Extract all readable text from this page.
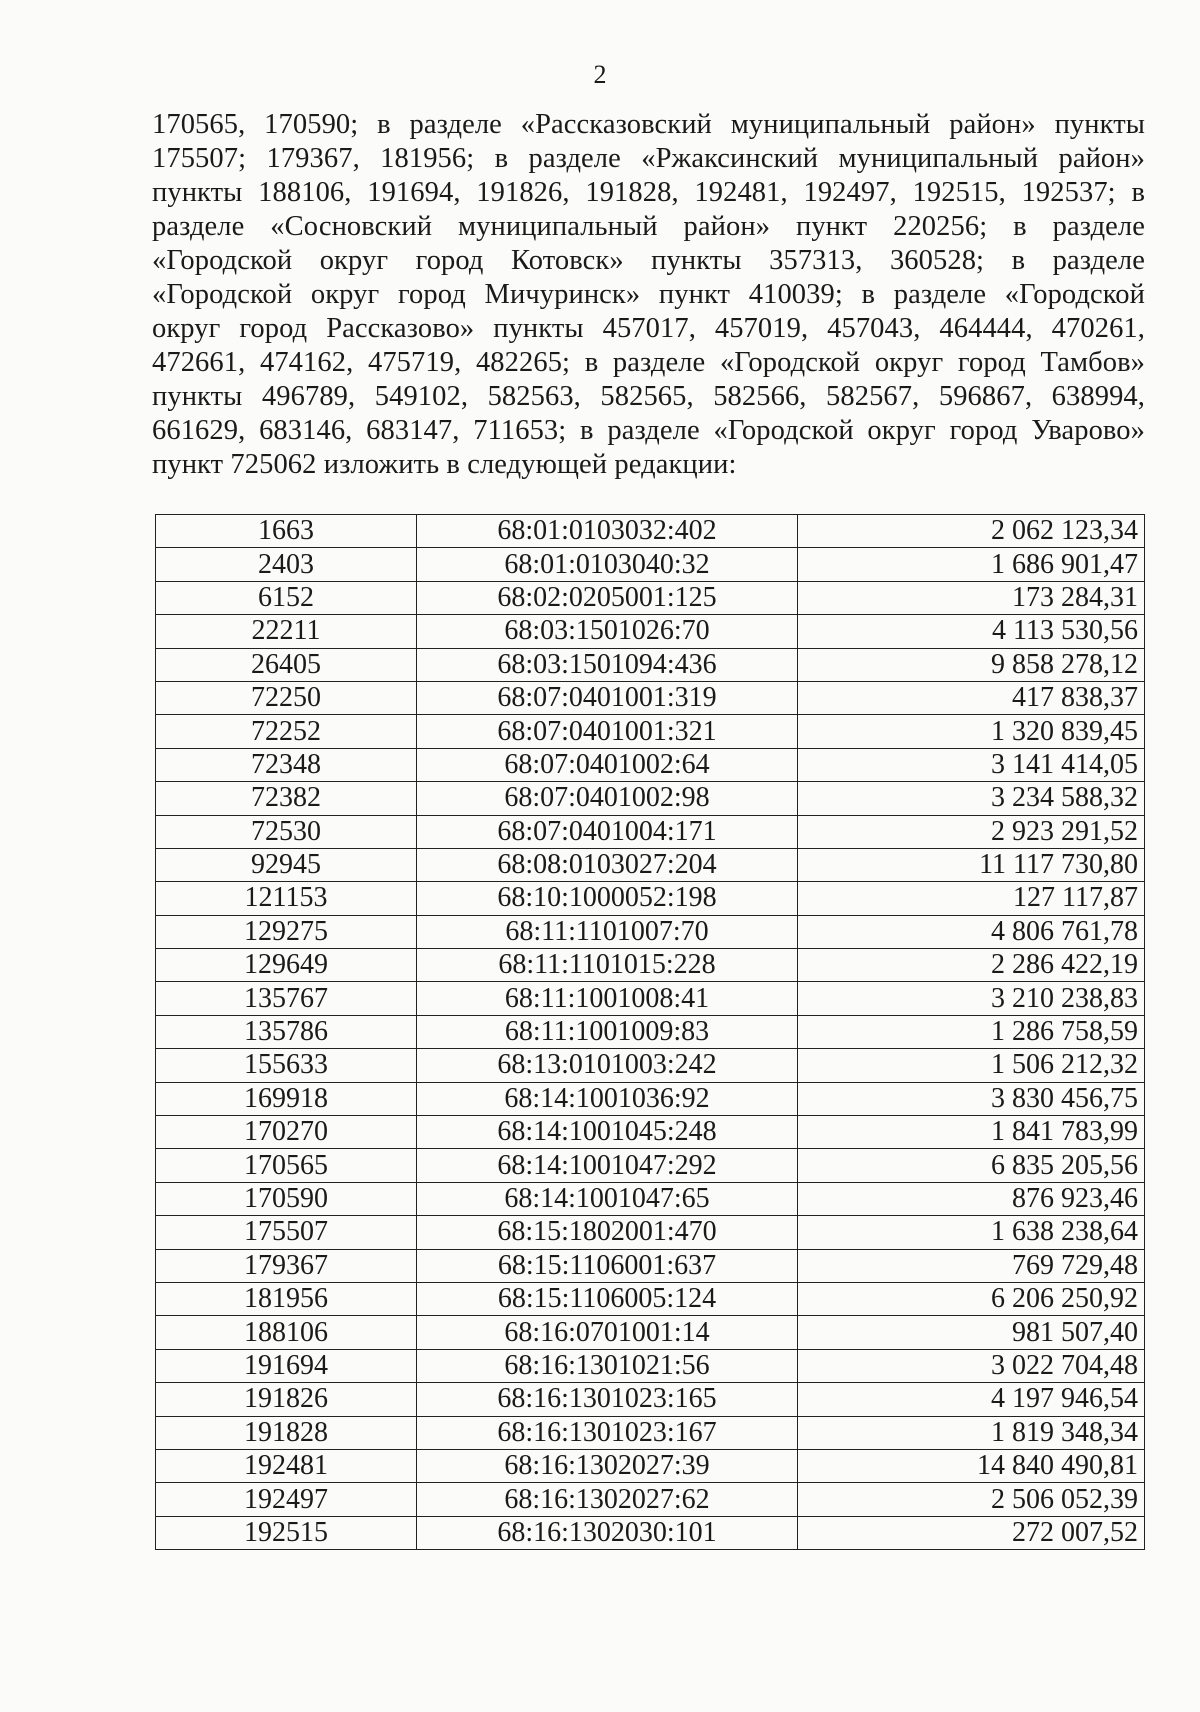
2
170565, 170590; в разделе «Рассказовский муниципальный район» пункты
175507; 179367, 181956; в разделе «Ржаксинский муниципальный район»
пункты 188106, 191694, 191826, 191828, 192481, 192497, 192515, 192537; в
разделе «Сосновский муниципальный район» пункт 220256; в разделе
«Городской округ город Котовск» пункты 357313, 360528; в разделе
«Городской округ город Мичуринск» пункт 410039; в разделе «Городской
округ город Рассказово» пункты 457017, 457019, 457043, 464444, 470261,
472661, 474162, 475719, 482265; в разделе «Городской округ город Тамбов»
пункты 496789, 549102, 582563, 582565, 582566, 582567, 596867, 638994,
661629, 683146, 683147, 711653; в разделе «Городской округ город Уварово»
пункт 725062 изложить в следующей редакции:
1663	68:01:0103032:402	2 062 123,34
2403	68:01:0103040:32	1 686 901,47
6152	68:02:0205001:125	173 284,31
22211	68:03:1501026:70	4 113 530,56
26405	68:03:1501094:436	9 858 278,12
72250	68:07:0401001:319	417 838,37
72252	68:07:0401001:321	1 320 839,45
72348	68:07:0401002:64	3 141 414,05
72382	68:07:0401002:98	3 234 588,32
72530	68:07:0401004:171	2 923 291,52
92945	68:08:0103027:204	11 117 730,80
121153	68:10:1000052:198	127 117,87
129275	68:11:1101007:70	4 806 761,78
129649	68:11:1101015:228	2 286 422,19
135767	68:11:1001008:41	3 210 238,83
135786	68:11:1001009:83	1 286 758,59
155633	68:13:0101003:242	1 506 212,32
169918	68:14:1001036:92	3 830 456,75
170270	68:14:1001045:248	1 841 783,99
170565	68:14:1001047:292	6 835 205,56
170590	68:14:1001047:65	876 923,46
175507	68:15:1802001:470	1 638 238,64
179367	68:15:1106001:637	769 729,48
181956	68:15:1106005:124	6 206 250,92
188106	68:16:0701001:14	981 507,40
191694	68:16:1301021:56	3 022 704,48
191826	68:16:1301023:165	4 197 946,54
191828	68:16:1301023:167	1 819 348,34
192481	68:16:1302027:39	14 840 490,81
192497	68:16:1302027:62	2 506 052,39
192515	68:16:1302030:101	272 007,52
